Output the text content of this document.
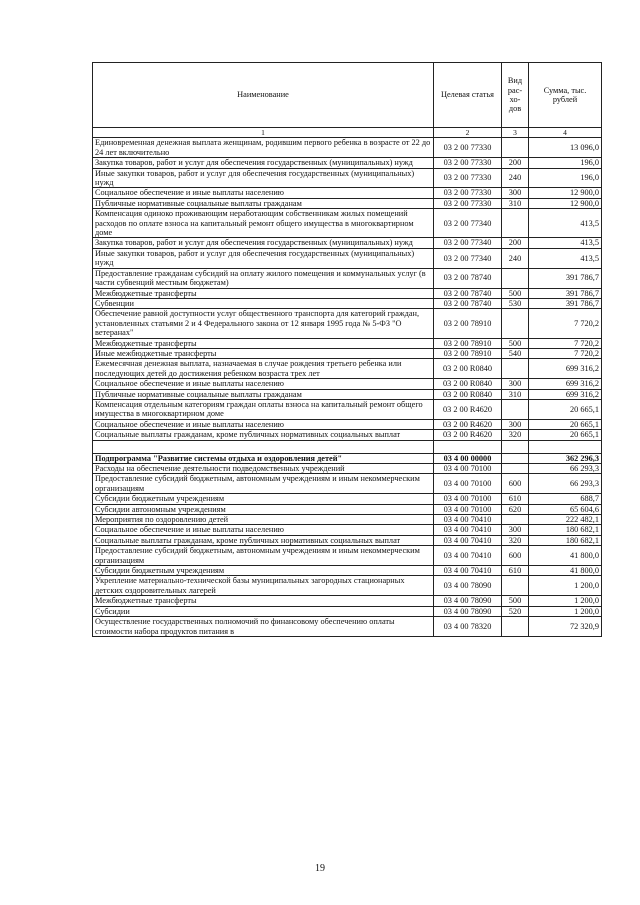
Наименование	Целевая статья	Вид рас-хо-дов	Сумма, тыс. рублей
1	2	3	4
Единовременная денежная выплата женщинам, родившим первого ребенка в возрасте от 22 до 24 лет включительно	03 2 00 77330		13 096,0
Закупка товаров, работ и услуг для обеспечения государственных (муниципальных) нужд	03 2 00 77330	200	196,0
Иные закупки товаров, работ и услуг для обеспечения государственных (муниципальных) нужд	03 2 00 77330	240	196,0
Социальное обеспечение и иные выплаты населению	03 2 00 77330	300	12 900,0
Публичные нормативные социальные выплаты гражданам	03 2 00 77330	310	12 900,0
Компенсация одиноко проживающим неработающим собственникам жилых помещений расходов по оплате взноса на капитальный ремонт общего имущества в многоквартирном доме	03 2 00 77340		413,5
Закупка товаров, работ и услуг для обеспечения государственных (муниципальных) нужд	03 2 00 77340	200	413,5
Иные закупки товаров, работ и услуг для обеспечения государственных (муниципальных) нужд	03 2 00 77340	240	413,5
Предоставление гражданам субсидий на оплату жилого помещения и коммунальных услуг (в части субвенций местным бюджетам)	03 2 00 78740		391 786,7
Межбюджетные трансферты	03 2 00 78740	500	391 786,7
Субвенции	03 2 00 78740	530	391 786,7
Обеспечение равной доступности услуг общественного транспорта для категорий граждан, установленных статьями 2 и 4 Федерального закона от 12 января 1995 года № 5-ФЗ "О ветеранах"	03 2 00 78910		7 720,2
Межбюджетные трансферты	03 2 00 78910	500	7 720,2
Иные межбюджетные трансферты	03 2 00 78910	540	7 720,2
Ежемесячная денежная выплата, назначаемая в случае рождения третьего ребенка или последующих детей до достижения ребенком возраста трех лет	03 2 00 R0840		699 316,2
Социальное обеспечение и иные выплаты населению	03 2 00 R0840	300	699 316,2
Публичные нормативные социальные выплаты гражданам	03 2 00 R0840	310	699 316,2
Компенсация отдельным категориям граждан оплаты взноса на капитальный ремонт общего имущества в многоквартирном доме	03 2 00 R4620		20 665,1
Социальное обеспечение и иные выплаты населению	03 2 00 R4620	300	20 665,1
Социальные выплаты гражданам, кроме публичных нормативных социальных выплат	03 2 00 R4620	320	20 665,1

Подпрограмма "Развитие системы отдыха и оздоровления детей"	03 4 00 00000		362 296,3
Расходы на обеспечение деятельности подведомственных учреждений	03 4 00 70100		66 293,3
Предоставление субсидий бюджетным, автономным учреждениям и иным некоммерческим организациям	03 4 00 70100	600	66 293,3
Субсидии бюджетным учреждениям	03 4 00 70100	610	688,7
Субсидии автономным учреждениям	03 4 00 70100	620	65 604,6
Мероприятия по оздоровлению детей	03 4 00 70410		222 482,1
Социальное обеспечение и иные выплаты населению	03 4 00 70410	300	180 682,1
Социальные выплаты гражданам, кроме публичных нормативных социальных выплат	03 4 00 70410	320	180 682,1
Предоставление субсидий бюджетным, автономным учреждениям и иным некоммерческим организациям	03 4 00 70410	600	41 800,0
Субсидии бюджетным учреждениям	03 4 00 70410	610	41 800,0
Укрепление материально-технической базы муниципальных загородных стационарных детских оздоровительных лагерей	03 4 00 78090		1 200,0
Межбюджетные трансферты	03 4 00 78090	500	1 200,0
Субсидии	03 4 00 78090	520	1 200,0
Осуществление государственных полномочий по финансовому обеспечению оплаты стоимости набора продуктов питания в	03 4 00 78320		72 320,9
19
